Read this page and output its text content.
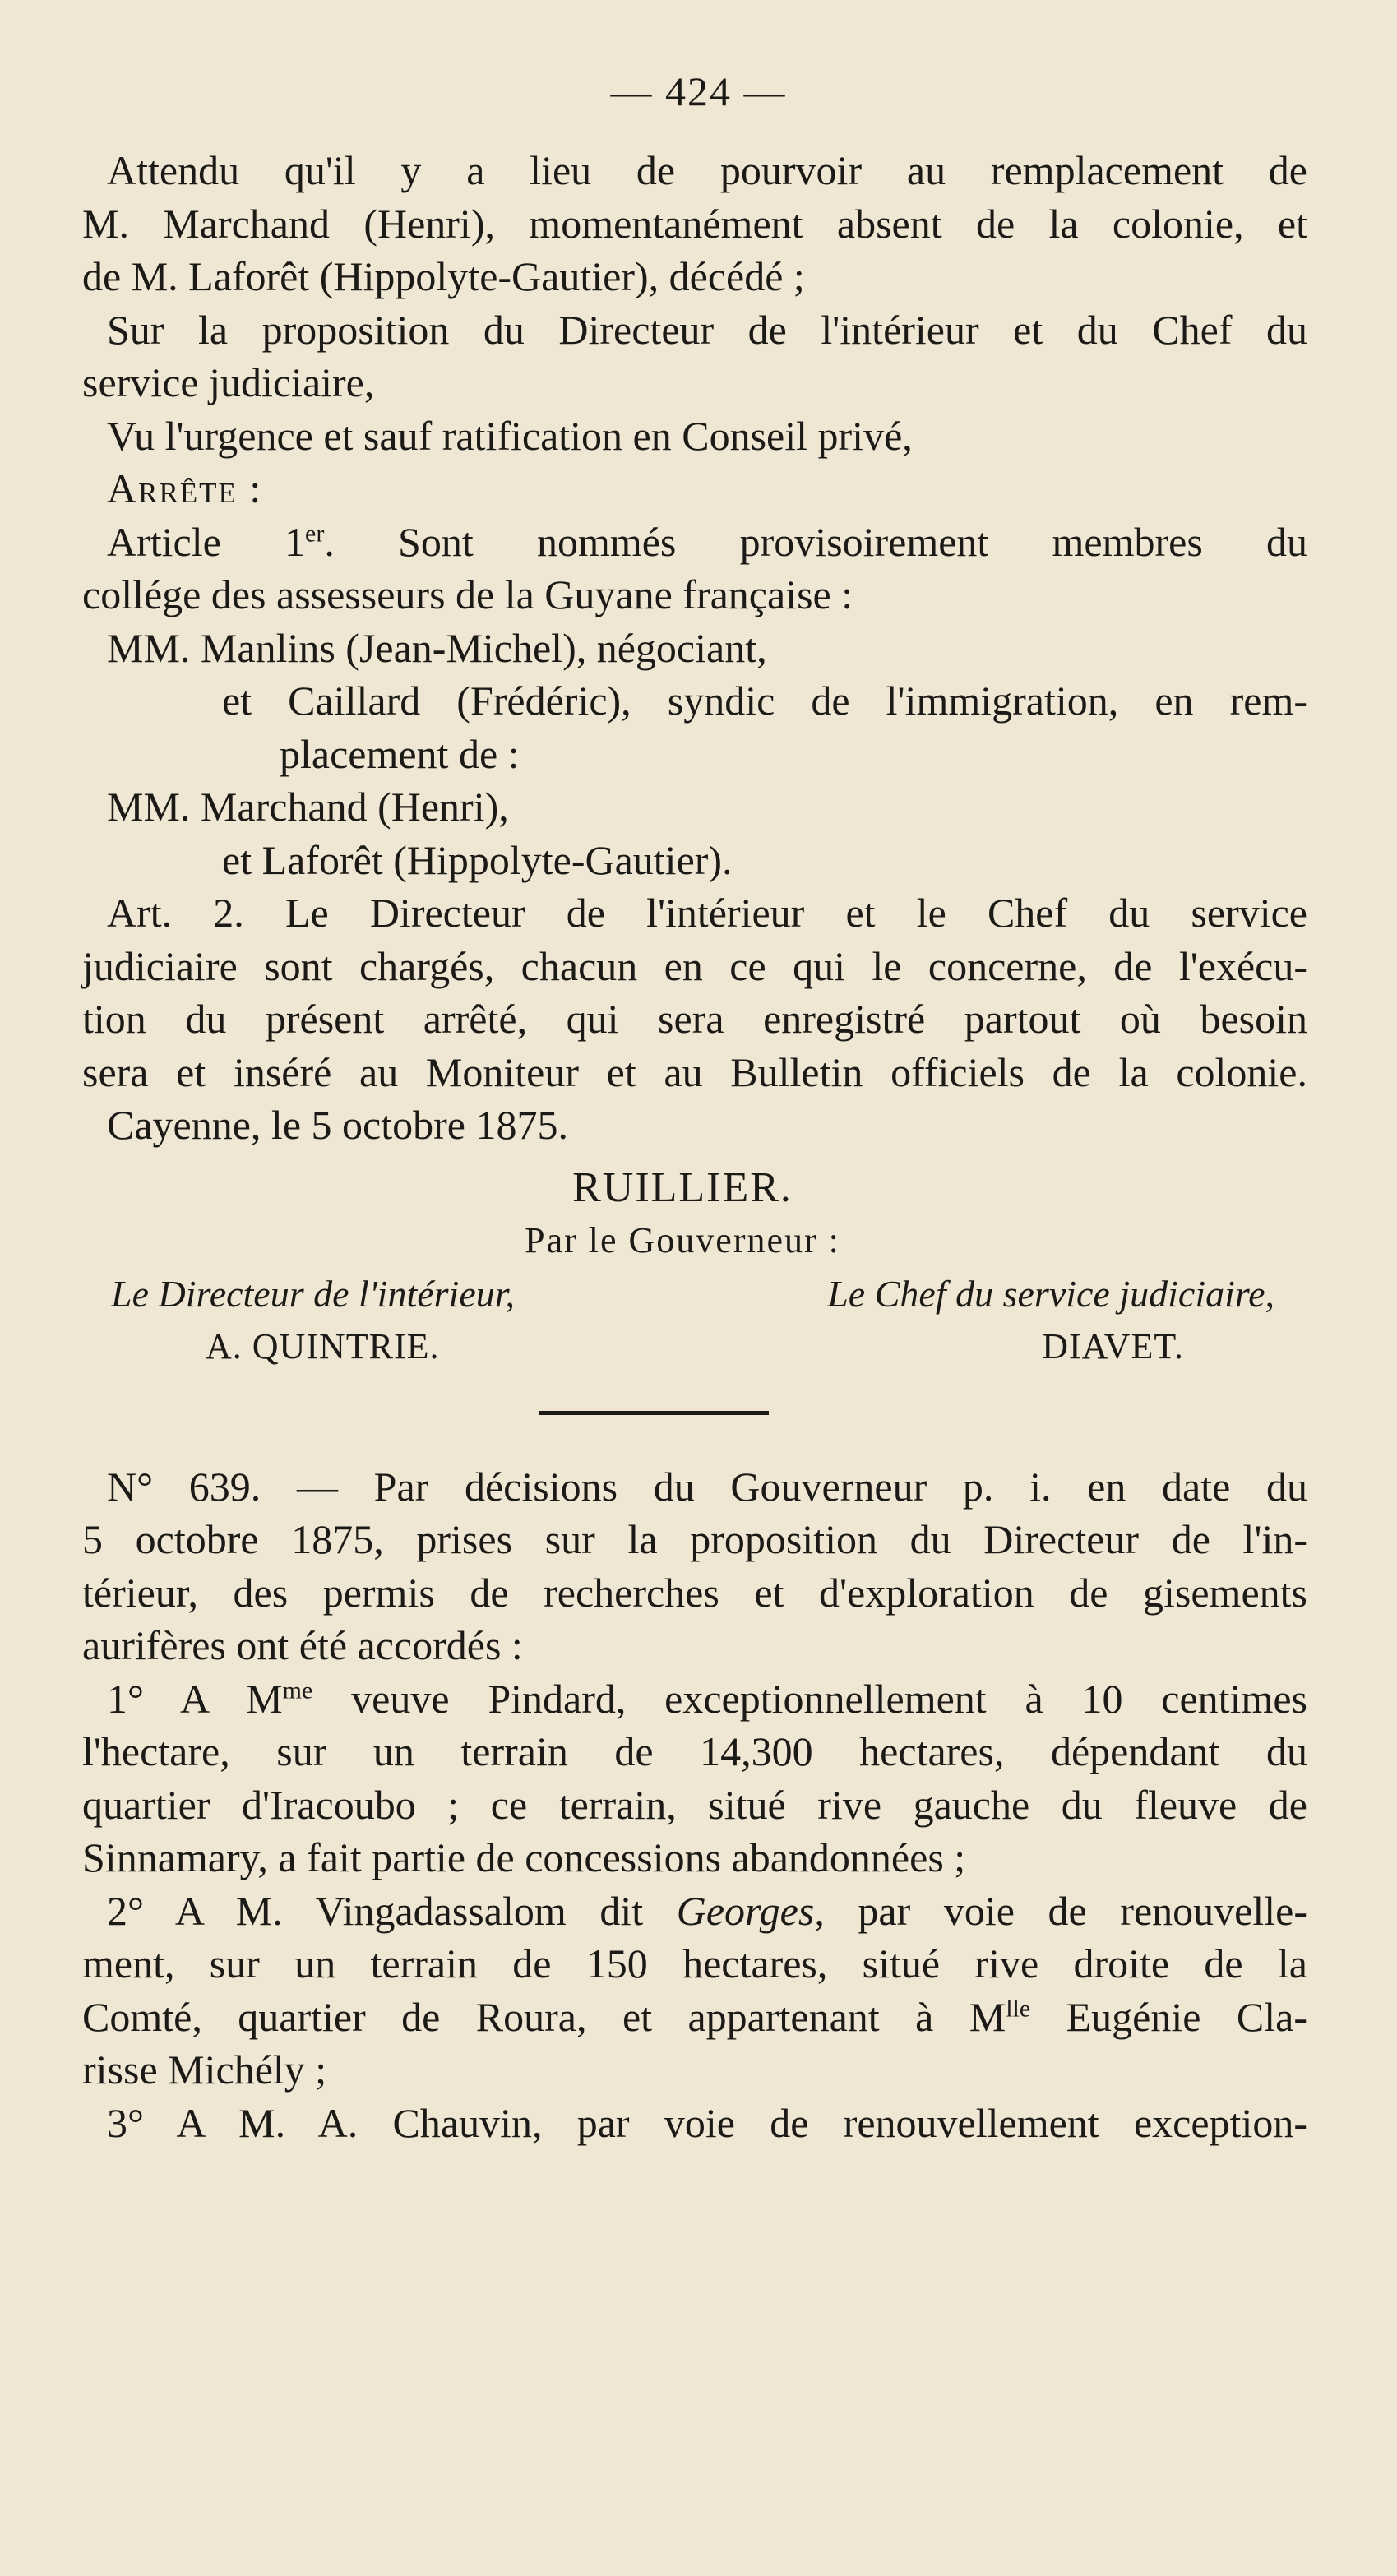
— 424 —
Attendu qu'il y a lieu de pourvoir au remplacement de
M. Marchand (Henri), momentanément absent de la colonie, et
de M. Laforêt (Hippolyte-Gautier), décédé ;
Sur la proposition du Directeur de l'intérieur et du Chef du
service judiciaire,
Vu l'urgence et sauf ratification en Conseil privé,
Arrête :
Article 1er. Sont nommés provisoirement membres du
collége des assesseurs de la Guyane française :
MM. Manlins (Jean-Michel), négociant,
et Caillard (Frédéric), syndic de l'immigration, en rem-
placement de :
MM. Marchand (Henri),
et Laforêt (Hippolyte-Gautier).
Art. 2. Le Directeur de l'intérieur et le Chef du service
judiciaire sont chargés, chacun en ce qui le concerne, de l'exécu-
tion du présent arrêté, qui sera enregistré partout où besoin
sera et inséré au Moniteur et au Bulletin officiels de la colonie.
Cayenne, le 5 octobre 1875.
RUILLIER.
Par le Gouverneur :
Le Directeur de l'intérieur,	Le Chef du service judiciaire,
A. QUINTRIE.	DIAVET.
N° 639. — Par décisions du Gouverneur p. i. en date du
5 octobre 1875, prises sur la proposition du Directeur de l'in-
térieur, des permis de recherches et d'exploration de gisements
aurifères ont été accordés :
1° A $M^{me}$ veuve Pindard, exceptionnellement à 10 centimes
l'hectare, sur un terrain de 14,300 hectares, dépendant du
quartier d'Iracoubo ; ce terrain, situé rive gauche du fleuve de
Sinnamary, a fait partie de concessions abandonnées ;
2° A M. Vingadassalom dit Georges, par voie de renouvelle-
ment, sur un terrain de 150 hectares, situé rive droite de la
Comté, quartier de Roura, et appartenant à $M^{lle}$ Eugénie Cla-
risse Michély ;
3° A M. A. Chauvin, par voie de renouvellement exception-
